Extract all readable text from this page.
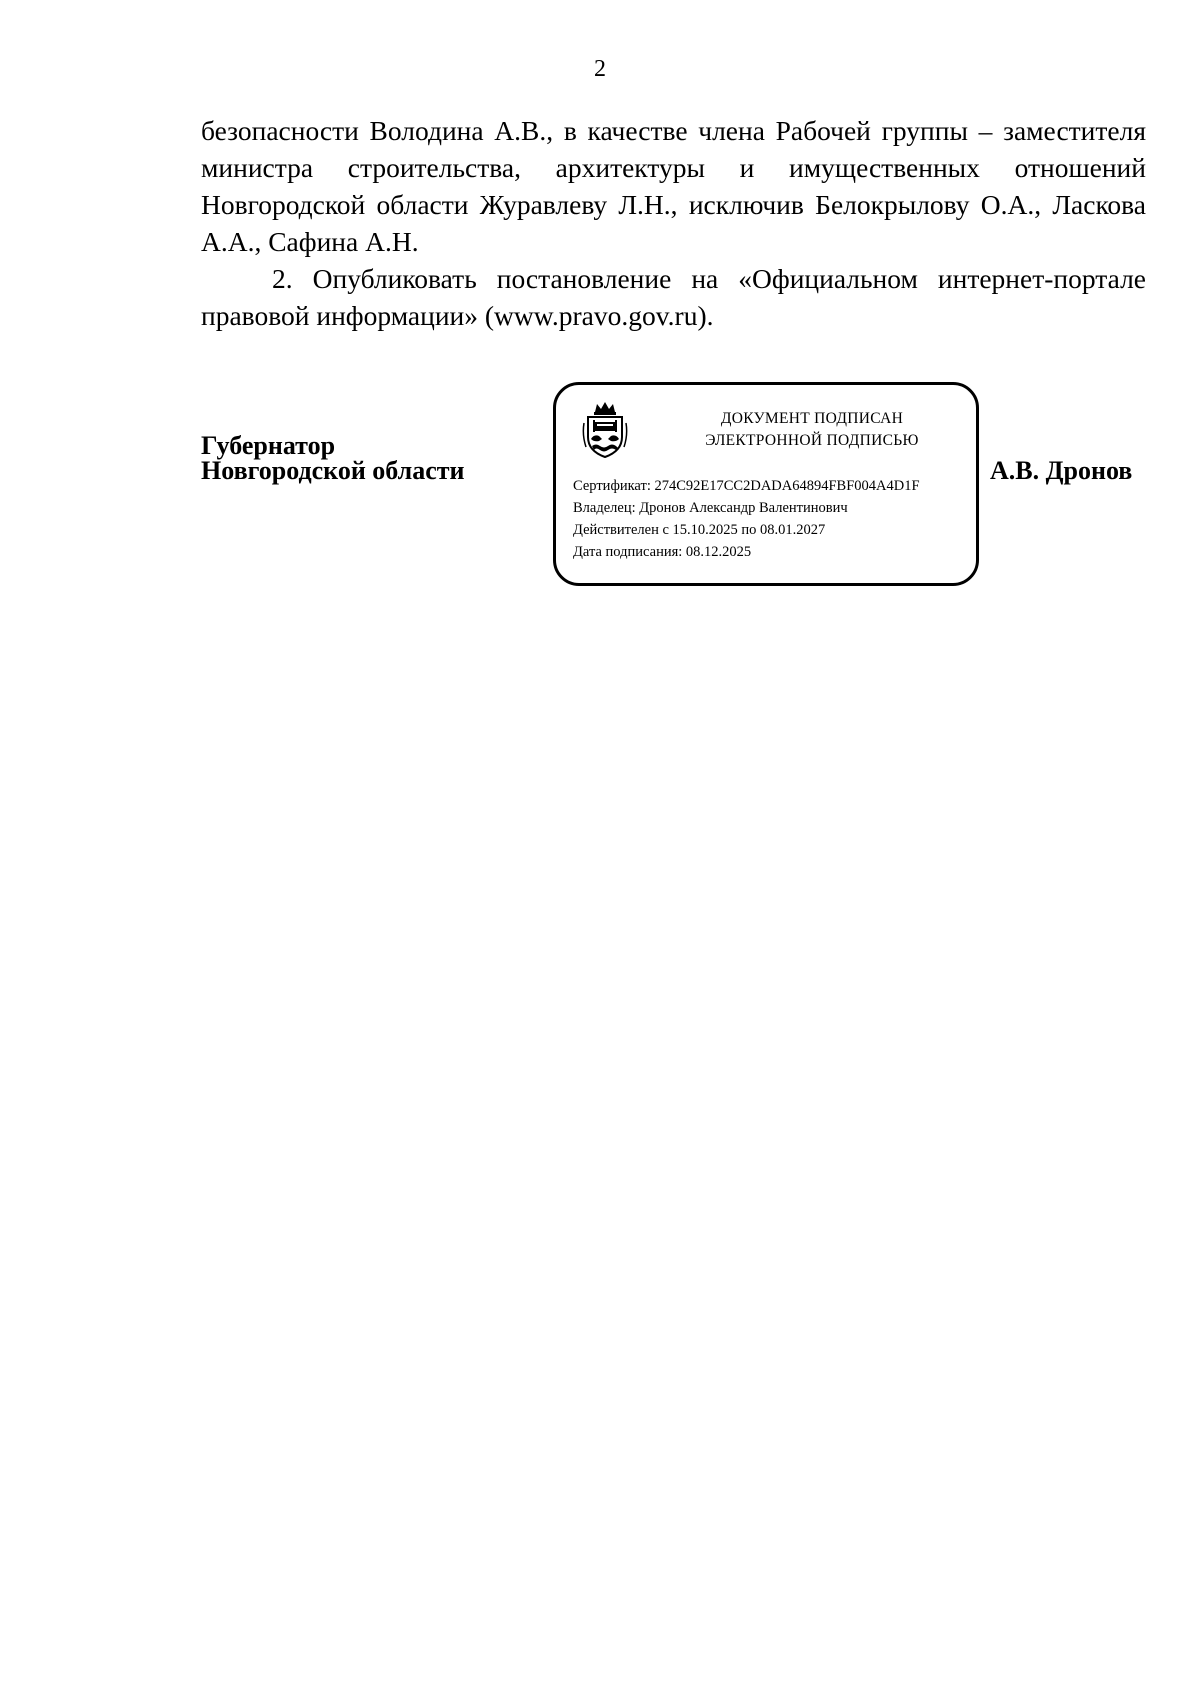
2

безопасности Володина А.В., в качестве члена Рабочей группы – заместителя министра строительства, архитектуры и имущественных отношений Новгородской области Журавлеву Л.Н., исключив Белокрылову О.А., Ласкова А.А., Сафина А.Н.

2. Опубликовать постановление на «Официальном интернет-портале правовой информации» (www.pravo.gov.ru).

Губернатор
Новгородской области
ДОКУМЕНТ ПОДПИСАН
ЭЛЕКТРОННОЙ ПОДПИСЬЮ
Сертификат: 274C92E17CC2DADA64894FBF004A4D1F
Владелец: Дронов Александр Валентинович
Действителен с 15.10.2025 по 08.01.2027
Дата подписания: 08.12.2025
А.В. Дронов
